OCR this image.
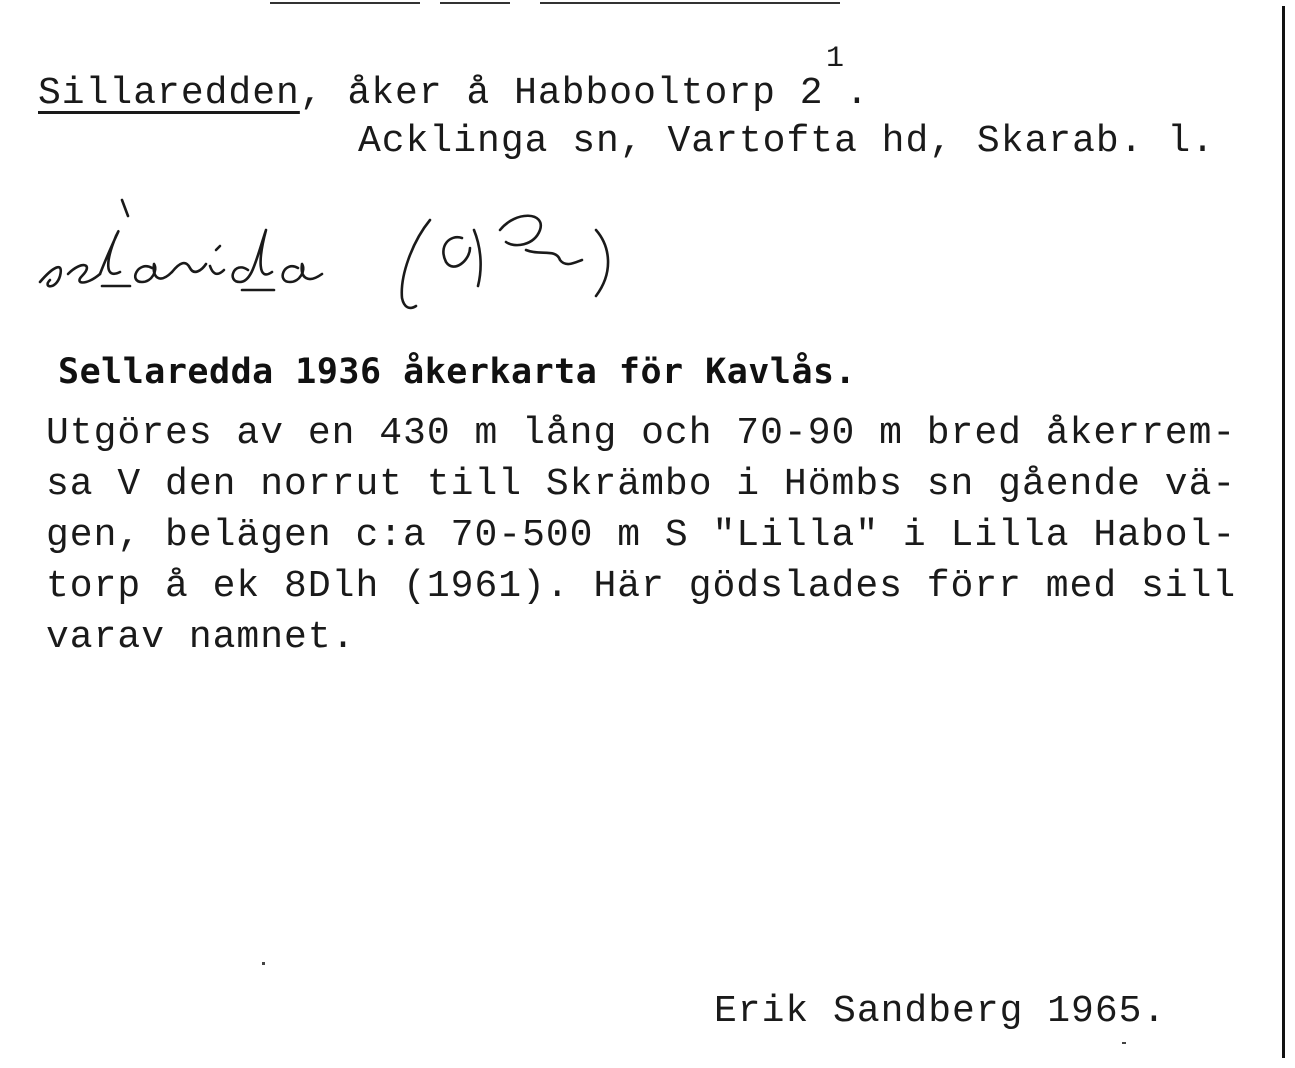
Sillaredden, åker å Habbooltorp 2 .
1
Acklinga sn, Vartofta hd, Skarab. l.
Sellaredda 1936 åkerkarta för Kavlås.
Utgöres av en 430 m lång och 70-90 m bred åkerrem-
sa V den norrut till Skrämbo i Hömbs sn gående vä-
gen, belägen c:a 70-500 m S "Lilla" i Lilla Habol-
torp å ek 8Dlh (1961). Här gödslades förr med sill
varav namnet.
Erik Sandberg 1965.
